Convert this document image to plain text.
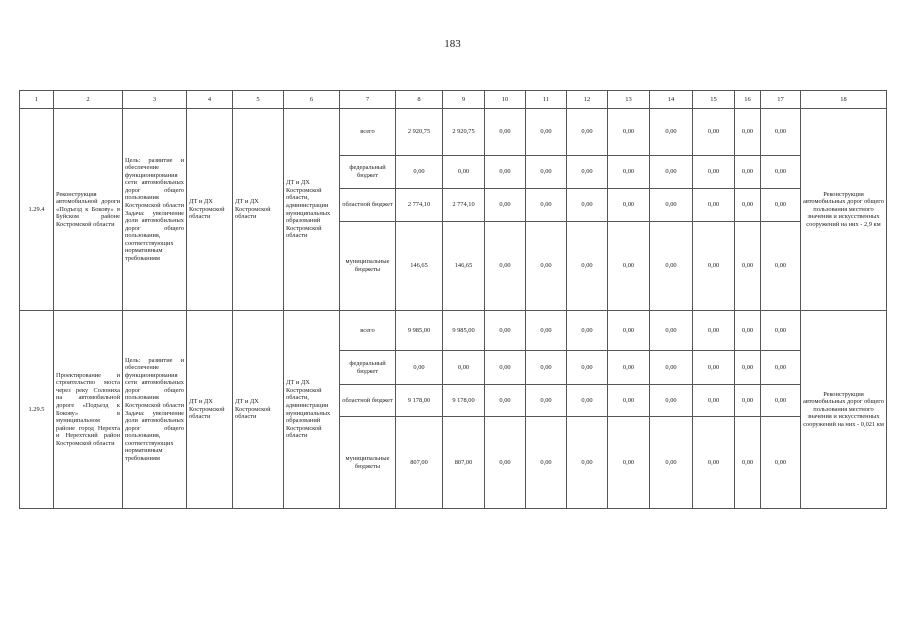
183
1	2	3	4	5	6	7	8	9	10	11	12	13	14	15	16	17	18
1.29.4	Реконструкция автомобильной дороги «Подъезд к Бокову» в Буйском районе Костромской области	Цель: развитие и обеспечение функционирования сети автомобильных дорог общего пользования Костромской области Задача: увеличение доли автомобильных дорог общего пользования, соответствующих нормативным требованиям	ДТ и ДХ Костромской области	ДТ и ДХ Костромской области	ДТ и ДХ Костромской области, администрации муниципальных образований Костромской области	всего	2 920,75	2 920,75	0,00	0,00	0,00	0,00	0,00	0,00	0,00	0,00	Реконструкция автомобильных дорог общего пользования местного значения и искусственных сооружений на них - 2,9 км
						федеральный бюджет	0,00	0,00	0,00	0,00	0,00	0,00	0,00	0,00	0,00	0,00	
						областной бюджет	2 774,10	2 774,10	0,00	0,00	0,00	0,00	0,00	0,00	0,00	0,00	
						муниципальные бюджеты	146,65	146,65	0,00	0,00	0,00	0,00	0,00	0,00	0,00	0,00	
1.29.5	Проектирование и строительство моста через реку Солониха на автомобильной дороге «Подъезд к Бокову» в муниципальном районе город Нерехта и Нерехтский район Костромской области	Цель: развитие и обеспечение функционирования сети автомобильных дорог общего пользования Костромской области Задача: увеличение доли автомобильных дорог общего пользования, соответствующих нормативным требованиям	ДТ и ДХ Костромской области	ДТ и ДХ Костромской области	ДТ и ДХ Костромской области, администрации муниципальных образований Костромской области	всего	9 985,00	9 985,00	0,00	0,00	0,00	0,00	0,00	0,00	0,00	0,00	Реконструкция автомобильных дорог общего пользования местного значения и искусственных сооружений на них - 0,021 км
						федеральный бюджет	0,00	0,00	0,00	0,00	0,00	0,00	0,00	0,00	0,00	0,00	
						областной бюджет	9 178,00	9 178,00	0,00	0,00	0,00	0,00	0,00	0,00	0,00	0,00	
						муниципальные бюджеты	807,00	807,00	0,00	0,00	0,00	0,00	0,00	0,00	0,00	0,00	
